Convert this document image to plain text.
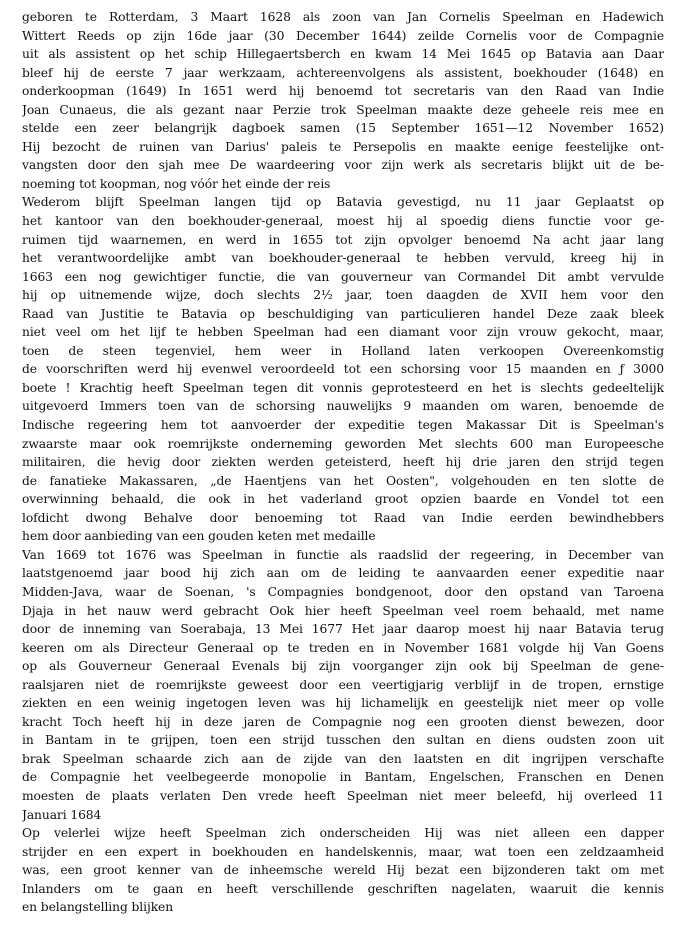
geboren te Rotterdam, 3 Maart 1628 als zoon van Jan Cornelis Speelman en Hadewich
Wittert Reeds op zijn 16de jaar (30 December 1644) zeilde Cornelis voor de Compagnie
uit als assistent op het schip Hillegaertsberch en kwam 14 Mei 1645 op Batavia aan Daar
bleef hij de eerste 7 jaar werkzaam, achtereenvolgens als assistent, boekhouder (1648) en
onderkoopman (1649) In 1651 werd hij benoemd tot secretaris van den Raad van Indie
Joan Cunaeus, die als gezant naar Perzie trok Speelman maakte deze geheele reis mee en
stelde een zeer belangrijk dagboek samen (15 September 1651—12 November 1652)
Hij bezocht de ruinen van Darius' paleis te Persepolis en maakte eenige feestelijke ont-
vangsten door den sjah mee De waardeering voor zijn werk als secretaris blijkt uit de be-
noeming tot koopman, nog vóór het einde der reis
Wederom blijft Speelman langen tijd op Batavia gevestigd, nu 11 jaar Geplaatst op
het kantoor van den boekhouder-generaal, moest hij al spoedig diens functie voor ge-
ruimen tijd waarnemen, en werd in 1655 tot zijn opvolger benoemd Na acht jaar lang
het verantwoordelijke ambt van boekhouder-generaal te hebben vervuld, kreeg hij in
1663 een nog gewichtiger functie, die van gouverneur van Cormandel Dit ambt vervulde
hij op uitnemende wijze, doch slechts 2½ jaar, toen daagden de XVII hem voor den
Raad van Justitie te Batavia op beschuldiging van particulieren handel Deze zaak bleek
niet veel om het lijf te hebben Speelman had een diamant voor zijn vrouw gekocht, maar,
toen de steen tegenviel, hem weer in Holland laten verkoopen Overeenkomstig
de voorschriften werd hij evenwel veroordeeld tot een schorsing voor 15 maanden en ƒ 3000
boete ! Krachtig heeft Speelman tegen dit vonnis geprotesteerd en het is slechts gedeeltelijk
uitgevoerd Immers toen van de schorsing nauwelijks 9 maanden om waren, benoemde de
Indische regeering hem tot aanvoerder der expeditie tegen Makassar Dit is Speelman's
zwaarste maar ook roemrijkste onderneming geworden Met slechts 600 man Europeesche
militairen, die hevig door ziekten werden geteisterd, heeft hij drie jaren den strijd tegen
de fanatieke Makassaren, „de Haentjens van het Oosten", volgehouden en ten slotte de
overwinning behaald, die ook in het vaderland groot opzien baarde en Vondel tot een
lofdicht dwong Behalve door benoeming tot Raad van Indie eerden bewindhebbers
hem door aanbieding van een gouden keten met medaille
Van 1669 tot 1676 was Speelman in functie als raadslid der regeering, in December van
laatstgenoemd jaar bood hij zich aan om de leiding te aanvaarden eener expeditie naar
Midden-Java, waar de Soenan, 's Compagnies bondgenoot, door den opstand van Taroena
Djaja in het nauw werd gebracht Ook hier heeft Speelman veel roem behaald, met name
door de inneming van Soerabaja, 13 Mei 1677 Het jaar daarop moest hij naar Batavia terug
keeren om als Directeur Generaal op te treden en in November 1681 volgde hij Van Goens
op als Gouverneur Generaal Evenals bij zijn voorganger zijn ook bij Speelman de gene-
raalsjaren niet de roemrijkste geweest door een veertigjarig verblijf in de tropen, ernstige
ziekten en een weinig ingetogen leven was hij lichamelijk en geestelijk niet meer op volle
kracht Toch heeft hij in deze jaren de Compagnie nog een grooten dienst bewezen, door
in Bantam in te grijpen, toen een strijd tusschen den sultan en diens oudsten zoon uit
brak Speelman schaarde zich aan de zijde van den laatsten en dit ingrijpen verschafte
de Compagnie het veelbegeerde monopolie in Bantam, Engelschen, Franschen en Denen
moesten de plaats verlaten Den vrede heeft Speelman niet meer beleefd, hij overleed 11
Januari 1684
Op velerlei wijze heeft Speelman zich onderscheiden Hij was niet alleen een dapper
strijder en een expert in boekhouden en handelskennis, maar, wat toen een zeldzaamheid
was, een groot kenner van de inheemsche wereld Hij bezat een bijzonderen takt om met
Inlanders om te gaan en heeft verschillende geschriften nagelaten, waaruit die kennis
en belangstelling blijken
